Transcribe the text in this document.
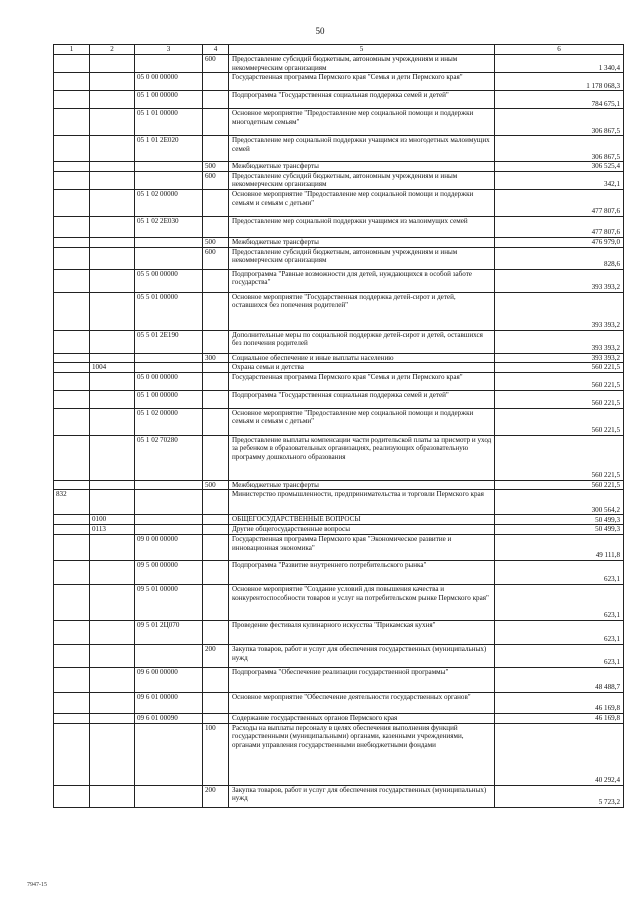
50
1	2	3	4	5	6
			600	Предоставление субсидий бюджетным, автономным учреждениям и иным некоммерческим организациям	1 340,4
		05 0 00 00000		Государственная программа Пермского края "Семья и дети Пермского края"	1 178 068,3
		05 1 00 00000		Подпрограмма "Государственная социальная поддержка семей и детей"	784 675,1
		05 1 01 00000		Основное мероприятие "Предоставление мер социальной помощи и поддержки многодетным семьям"	306 867,5
		05 1 01 2Е020		Предоставление мер социальной поддержки учащимся из многодетных малоимущих семей	306 867,5
			500	Межбюджетные трансферты	306 525,4
			600	Предоставление субсидий бюджетным, автономным учреждениям и иным некоммерческим организациям	342,1
		05 1 02 00000		Основное мероприятие "Предоставление мер социальной помощи и поддержки семьям и семьям с детьми"	477 807,6
		05 1 02 2Е030		Предоставление мер социальной поддержки учащимся из малоимущих семей	477 807,6
			500	Межбюджетные трансферты	476 979,0
			600	Предоставление субсидий бюджетным, автономным учреждениям и иным некоммерческим организациям	828,6
		05 5 00 00000		Подпрограмма "Равные возможности для детей, нуждающихся в особой заботе государства"	393 393,2
		05 5 01 00000		Основное мероприятие "Государственная поддержка детей-сирот и детей, оставшихся без попечения родителей"	393 393,2
		05 5 01 2Е190		Дополнительные меры по социальной поддержке детей-сирот и детей, оставшихся без попечения родителей	393 393,2
			300	Социальное обеспечение и иные выплаты населению	393 393,2
	1004			Охрана семьи и детства	560 221,5
		05 0 00 00000		Государственная программа Пермского края "Семья и дети Пермского края"	560 221,5
		05 1 00 00000		Подпрограмма "Государственная социальная поддержка семей и детей"	560 221,5
		05 1 02 00000		Основное мероприятие "Предоставление мер социальной помощи и поддержки семьям и семьям с детьми"	560 221,5
		05 1 02 70280		Предоставление выплаты компенсации части родительской платы за присмотр и уход за ребенком в образовательных организациях, реализующих образовательную программу дошкольного образования	560 221,5
			500	Межбюджетные трансферты	560 221,5
832				Министерство промышленности, предпринимательства и торговли Пермского края	300 564,2
	0100			ОБЩЕГОСУДАРСТВЕННЫЕ ВОПРОСЫ	50 499,3
	0113			Другие общегосударственные вопросы	50 499,3
		09 0 00 00000		Государственная программа Пермского края "Экономическое развитие и инновационная экономика"	49 111,8
		09 5 00 00000		Подпрограмма "Развитие внутреннего потребительского рынка"	623,1
		09 5 01 00000		Основное мероприятие "Создание условий для повышения качества и конкурентоспособности товаров и услуг на потребительском рынке Пермского края"	623,1
		09 5 01 2Ц070		Проведение фестиваля кулинарного искусства "Прикамская кухня"	623,1
			200	Закупка товаров, работ и услуг для обеспечения государственных (муниципальных) нужд	623,1
		09 6 00 00000		Подпрограмма "Обеспечение реализации государственной программы"	48 488,7
		09 6 01 00000		Основное мероприятие "Обеспечение деятельности государственных органов"	46 169,8
		09 6 01 00090		Содержание государственных органов Пермского края	46 169,8
			100	Расходы на выплаты персоналу в целях обеспечения выполнения функций государственными (муниципальными) органами, казенными учреждениями, органами управления государственными внебюджетными фондами	40 292,4
			200	Закупка товаров, работ и услуг для обеспечения государственных (муниципальных) нужд	5 723,2
7947-15
